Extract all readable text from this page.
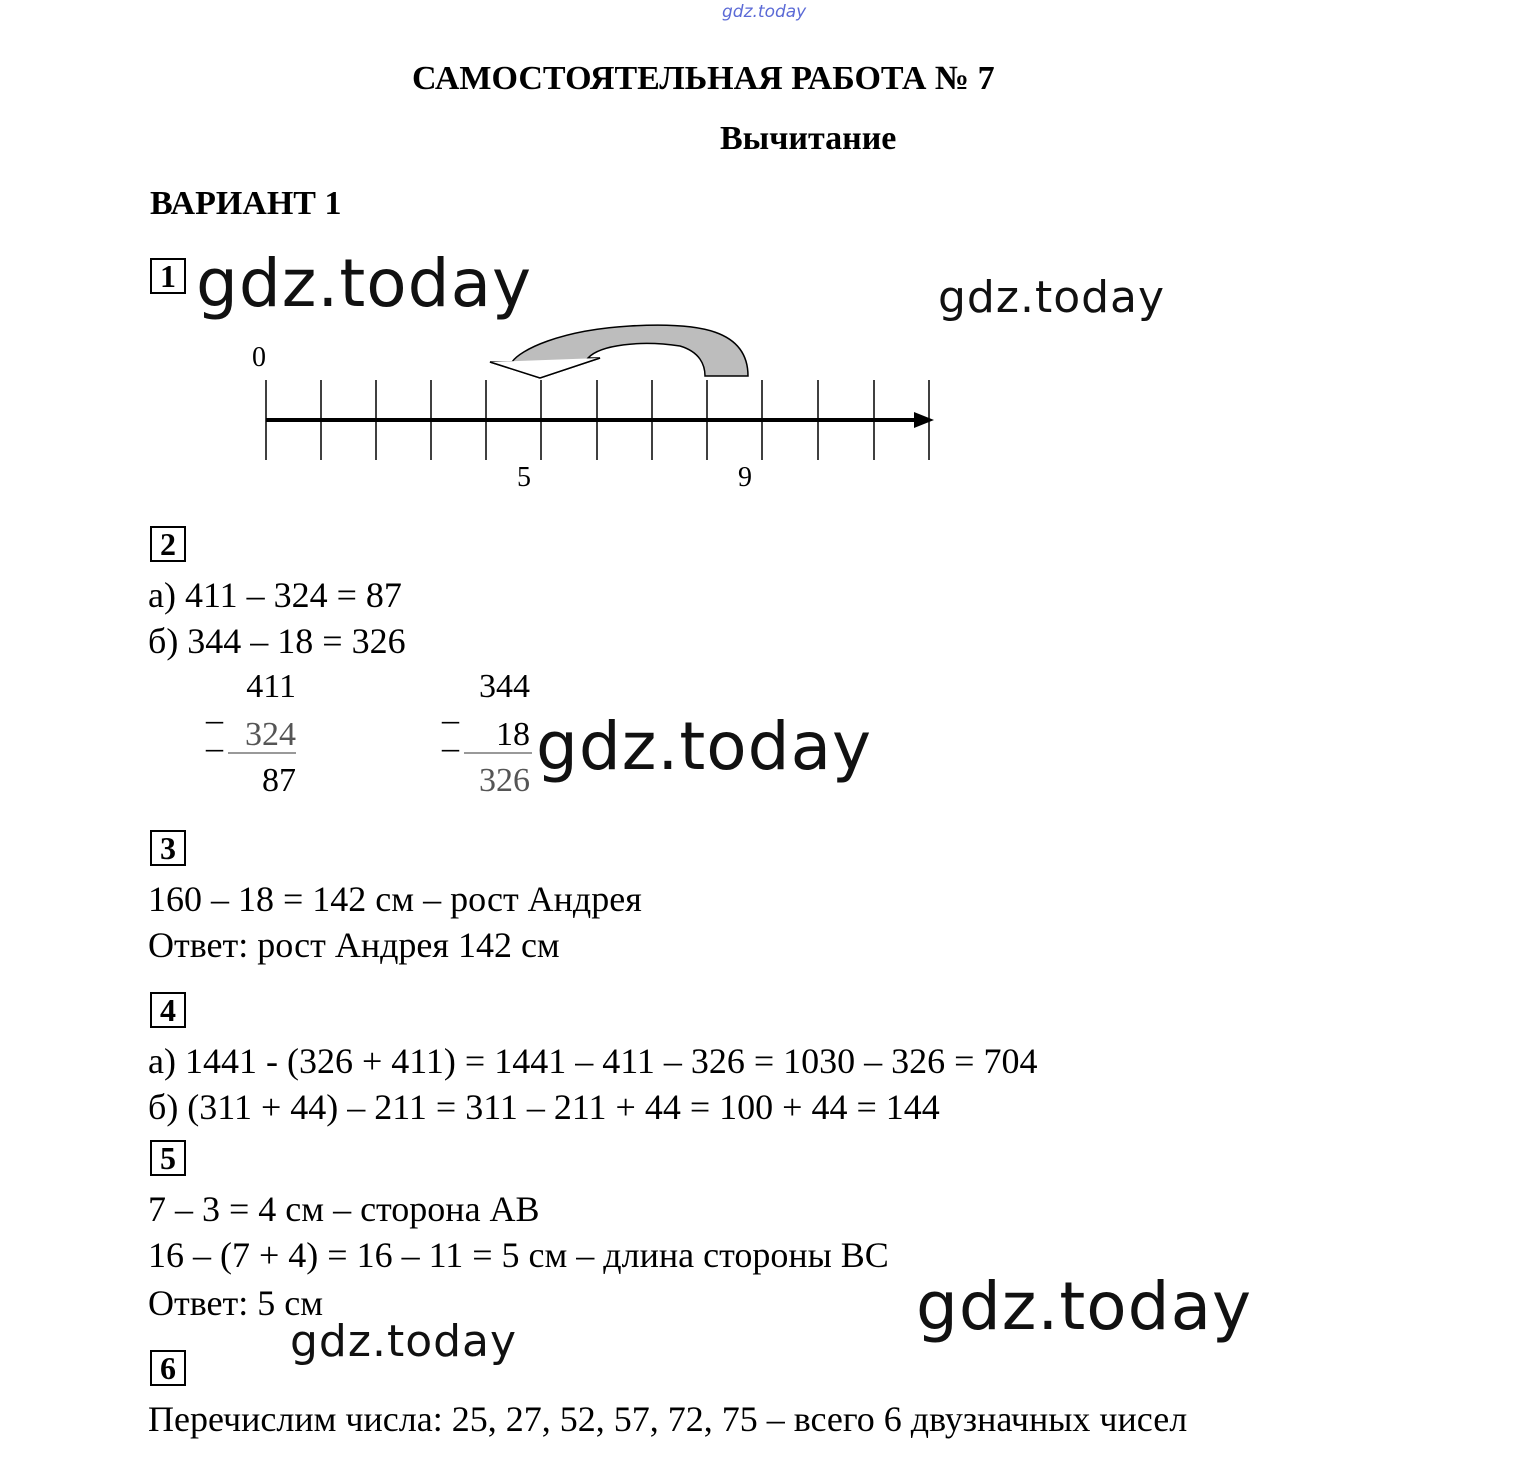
gdz.today
САМОСТОЯТЕЛЬНАЯ РАБОТА № 7
Вычитание
ВАРИАНТ 1
1 gdz.today	gdz.today
0
5	9
2
а) 411 – 324 = 87
б) 344 – 18 = 326
_
_
411
324
87
_
_
344
18
326 gdz.today
3
160 – 18 = 142 см – рост Андрея
Ответ: рост Андрея 142 см
4
а) 1441 - (326 + 411) = 1441 – 411 – 326 = 1030 – 326 = 704
б) (311 + 44) – 211 = 311 – 211 + 44 = 100 + 44 = 144
5
7 – 3 = 4 см – сторона АВ
16 – (7 + 4) = 16 – 11 = 5 см – длина стороны ВС
Ответ: 5 см	gdz.today
gdz.today
6
Перечислим числа: 25, 27, 52, 57, 72, 75 – всего 6 двузначных чисел
